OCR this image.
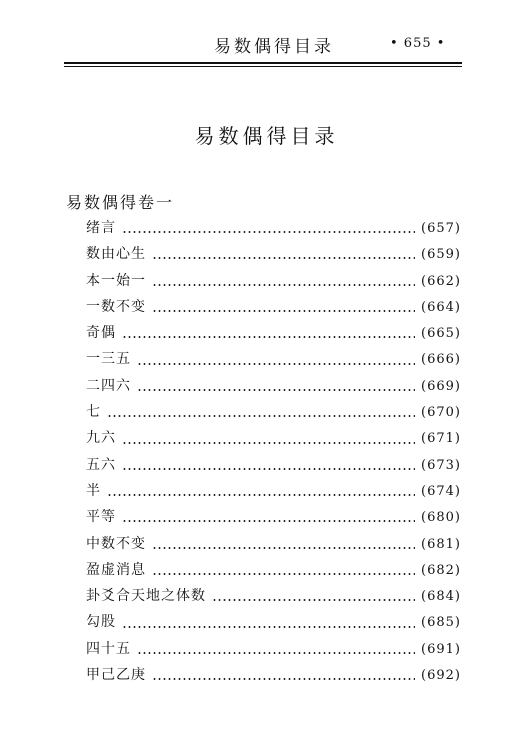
易数偶得目录	• 655 •
易数偶得目录
易数偶得卷一
绪言	(657)
数由心生	(659)
本一始一	(662)
一数不变	(664)
奇偶	(665)
一三五	(666)
二四六	(669)
七	(670)
九六	(671)
五六	(673)
半	(674)
平等	(680)
中数不变	(681)
盈虚消息	(682)
卦爻合天地之体数	(684)
勾股	(685)
四十五	(691)
甲己乙庚	(692)
